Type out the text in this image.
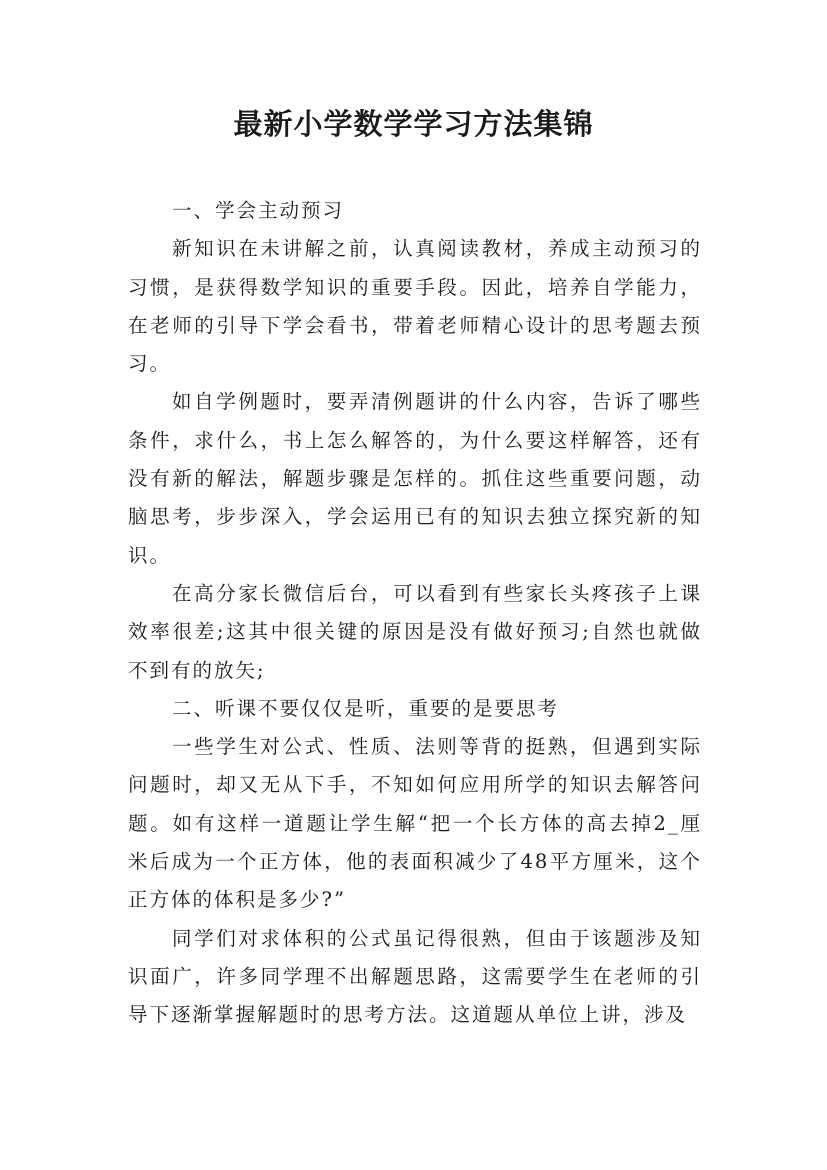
最新小学数学学习方法集锦

一、学会主动预习

新知识在未讲解之前，认真阅读教材，养成主动预习的习惯，是获得数学知识的重要手段。因此，培养自学能力，在老师的引导下学会看书，带着老师精心设计的思考题去预习。

如自学例题时，要弄清例题讲的什么内容，告诉了哪些条件，求什么，书上怎么解答的，为什么要这样解答，还有没有新的解法，解题步骤是怎样的。抓住这些重要问题，动脑思考，步步深入，学会运用已有的知识去独立探究新的知识。

在高分家长微信后台，可以看到有些家长头疼孩子上课效率很差;这其中很关键的原因是没有做好预习;自然也就做不到有的放矢;

二、听课不要仅仅是听，重要的是要思考

一些学生对公式、性质、法则等背的挺熟，但遇到实际问题时，却又无从下手，不知如何应用所学的知识去解答问题。如有这样一道题让学生解“把一个长方体的高去掉2_厘米后成为一个正方体，他的表面积减少了48平方厘米，这个正方体的体积是多少?”

同学们对求体积的公式虽记得很熟，但由于该题涉及知识面广，许多同学理不出解题思路，这需要学生在老师的引导下逐渐掌握解题时的思考方法。这道题从单位上讲，涉及
